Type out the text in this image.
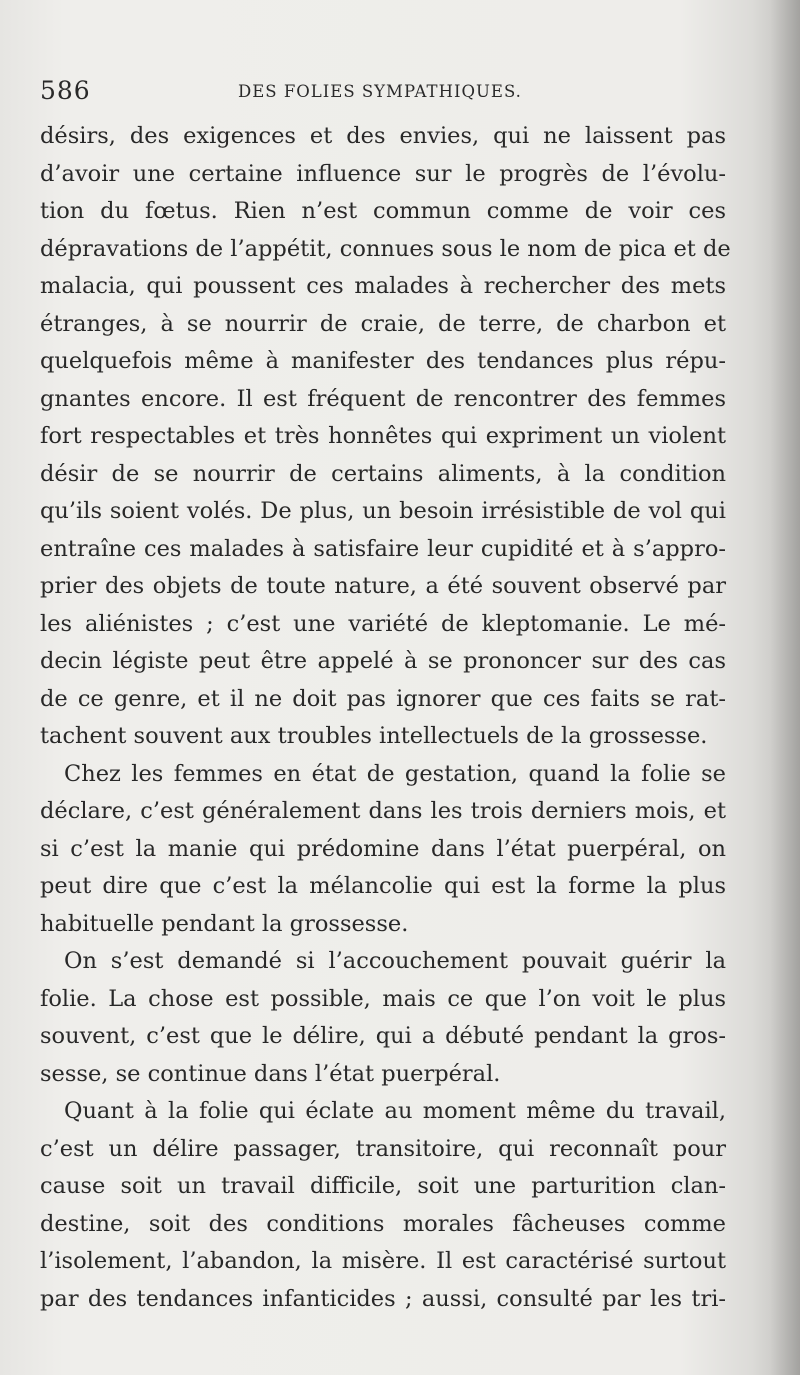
586	DES FOLIES SYMPATHIQUES.
désirs, des exigences et des envies, qui ne laissent pas
d’avoir une certaine influence sur le progrès de l’évolu-
tion du fœtus. Rien n’est commun comme de voir ces
dépravations de l’appétit, connues sous le nom de pica et de
malacia, qui poussent ces malades à rechercher des mets
étranges, à se nourrir de craie, de terre, de charbon et
quelquefois même à manifester des tendances plus répu-
gnantes encore. Il est fréquent de rencontrer des femmes
fort respectables et très honnêtes qui expriment un violent
désir de se nourrir de certains aliments, à la condition
qu’ils soient volés. De plus, un besoin irrésistible de vol qui
entraîne ces malades à satisfaire leur cupidité et à s’appro-
prier des objets de toute nature, a été souvent observé par
les aliénistes ; c’est une variété de kleptomanie. Le mé-
decin légiste peut être appelé à se prononcer sur des cas
de ce genre, et il ne doit pas ignorer que ces faits se rat-
tachent souvent aux troubles intellectuels de la grossesse.
Chez les femmes en état de gestation, quand la folie se
déclare, c’est généralement dans les trois derniers mois, et
si c’est la manie qui prédomine dans l’état puerpéral, on
peut dire que c’est la mélancolie qui est la forme la plus
habituelle pendant la grossesse.
On s’est demandé si l’accouchement pouvait guérir la
folie. La chose est possible, mais ce que l’on voit le plus
souvent, c’est que le délire, qui a débuté pendant la gros-
sesse, se continue dans l’état puerpéral.
Quant à la folie qui éclate au moment même du travail,
c’est un délire passager, transitoire, qui reconnaît pour
cause soit un travail difficile, soit une parturition clan-
destine, soit des conditions morales fâcheuses comme
l’isolement, l’abandon, la misère. Il est caractérisé surtout
par des tendances infanticides ; aussi, consulté par les tri-
